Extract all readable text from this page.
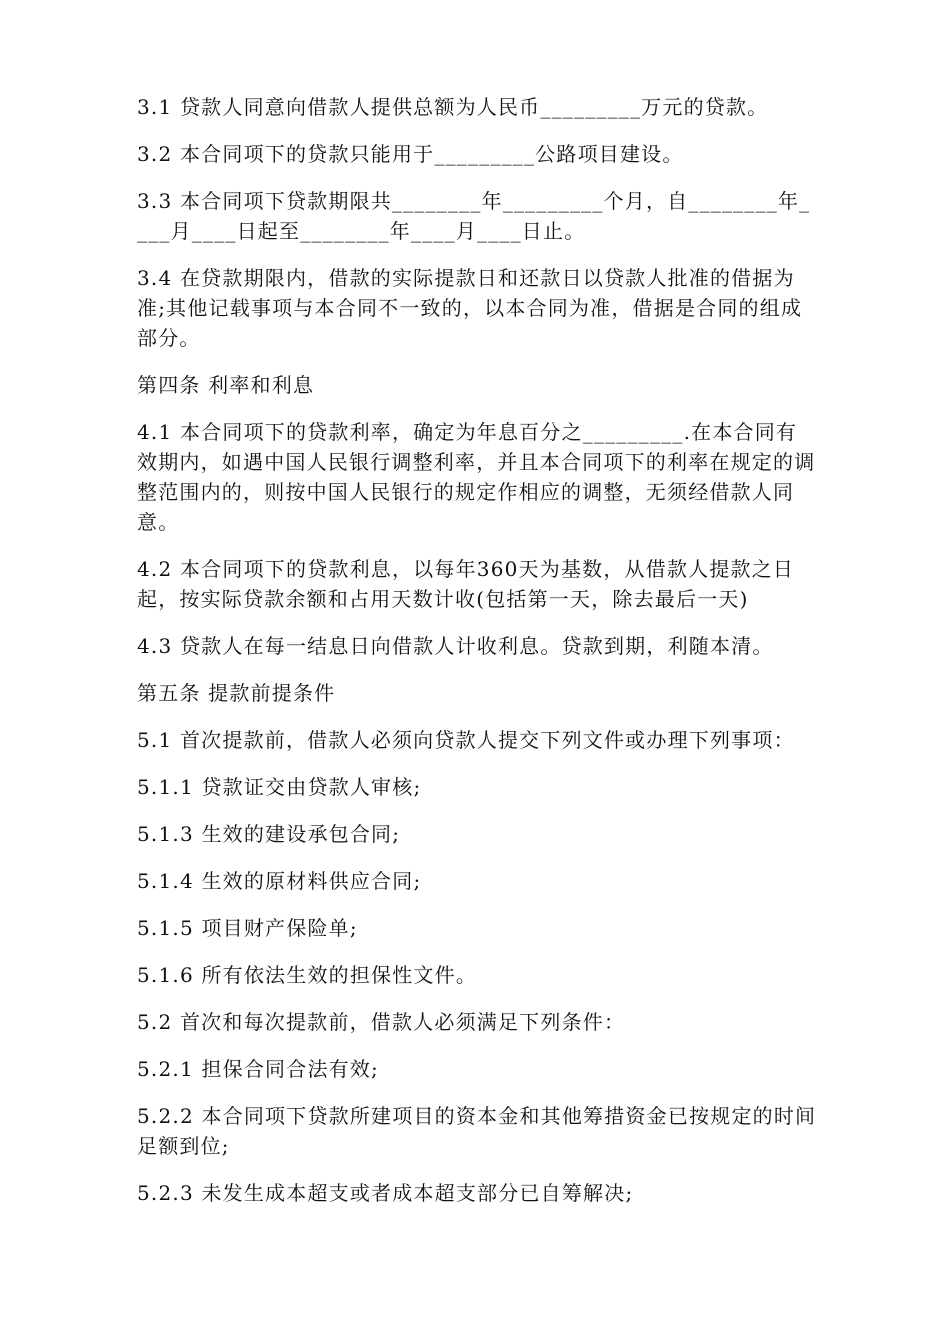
3.1 贷款人同意向借款人提供总额为人民币_________万元的贷款。

3.2 本合同项下的贷款只能用于_________公路项目建设。

3.3 本合同项下贷款期限共________年_________个月，自________年____月____日起至________年____月____日止。

3.4 在贷款期限内，借款的实际提款日和还款日以贷款人批准的借据为准;其他记载事项与本合同不一致的，以本合同为准，借据是合同的组成部分。

第四条 利率和利息

4.1 本合同项下的贷款利率，确定为年息百分之_________.在本合同有效期内，如遇中国人民银行调整利率，并且本合同项下的利率在规定的调整范围内的，则按中国人民银行的规定作相应的调整，无须经借款人同意。

4.2 本合同项下的贷款利息，以每年360天为基数，从借款人提款之日起，按实际贷款余额和占用天数计收(包括第一天，除去最后一天)

4.3 贷款人在每一结息日向借款人计收利息。贷款到期，利随本清。

第五条 提款前提条件

5.1 首次提款前，借款人必须向贷款人提交下列文件或办理下列事项：

5.1.1 贷款证交由贷款人审核;

5.1.3 生效的建设承包合同;

5.1.4 生效的原材料供应合同;

5.1.5 项目财产保险单;

5.1.6 所有依法生效的担保性文件。

5.2 首次和每次提款前，借款人必须满足下列条件：

5.2.1 担保合同合法有效;

5.2.2 本合同项下贷款所建项目的资本金和其他筹措资金已按规定的时间足额到位;

5.2.3 未发生成本超支或者成本超支部分已自筹解决;
